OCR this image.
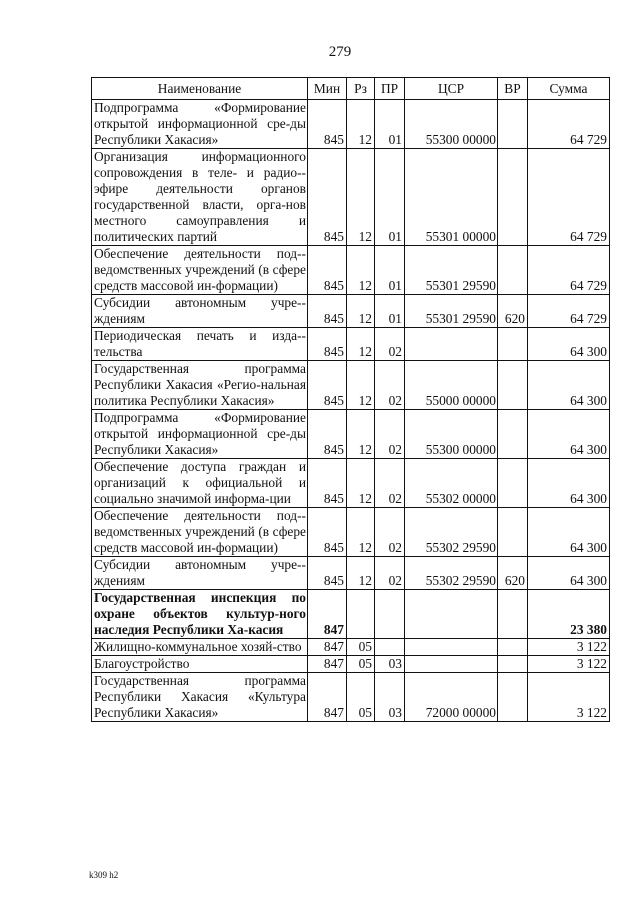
279
Наименование	Мин	Рз	ПР	ЦСР	ВР	Сумма
Подпрограмма «Формирование открытой информационной сре-ды Республики Хакасия»	845	12	01	55300 00000		64 729
Организация информационного сопровождения в теле- и радио-эфире деятельности органов государственной власти, орга-нов местного самоуправления и политических партий	845	12	01	55301 00000		64 729
Обеспечение деятельности под-ведомственных учреждений (в сфере средств массовой ин-формации)	845	12	01	55301 29590		64 729
Субсидии автономным учре-ждениям	845	12	01	55301 29590	620	64 729
Периодическая печать и изда-тельства	845	12	02			64 300
Государственная программа Республики Хакасия «Регио-нальная политика Республики Хакасия»	845	12	02	55000 00000		64 300
Подпрограмма «Формирование открытой информационной сре-ды Республики Хакасия»	845	12	02	55300 00000		64 300
Обеспечение доступа граждан и организаций к официальной и социально значимой информа-ции	845	12	02	55302 00000		64 300
Обеспечение деятельности под-ведомственных учреждений (в сфере средств массовой ин-формации)	845	12	02	55302 29590		64 300
Субсидии автономным учре-ждениям	845	12	02	55302 29590	620	64 300
Государственная инспекция по охране объектов культур-ного наследия Республики Ха-касия	847					23 380
Жилищно-коммунальное хозяй-ство	847	05				3 122
Благоустройство	847	05	03			3 122
Государственная программа Республики Хакасия «Культура Республики Хакасия»	847	05	03	72000 00000		3 122
k309 h2
